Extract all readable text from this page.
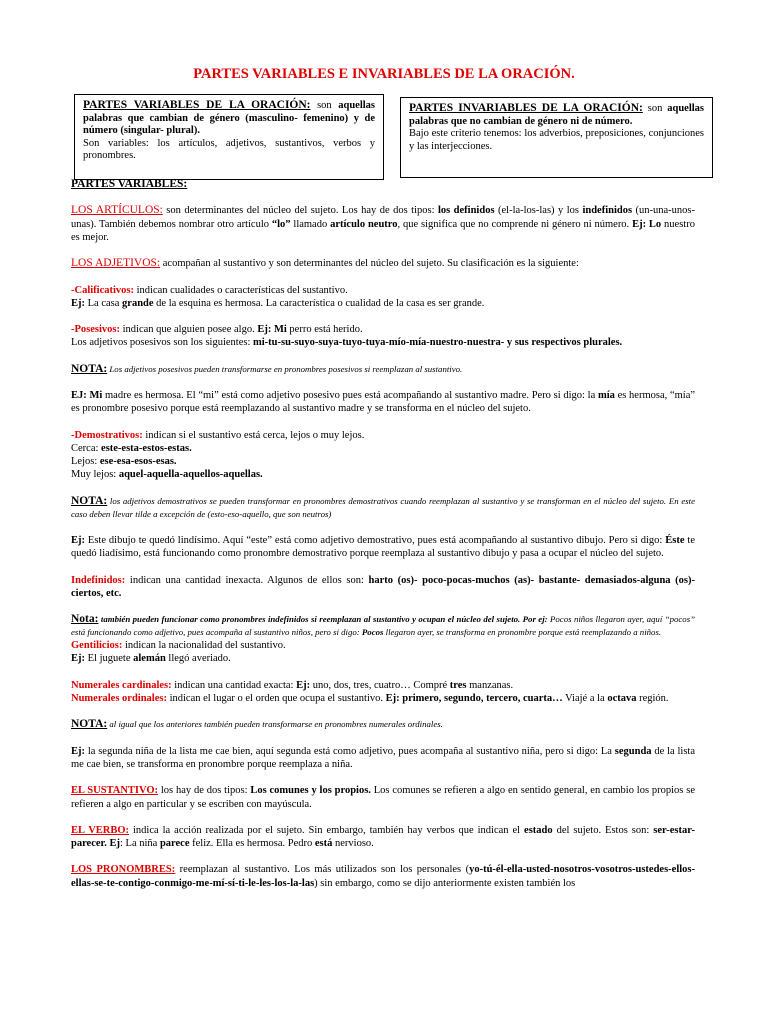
PARTES VARIABLES E INVARIABLES DE LA ORACIÓN.
PARTES VARIABLES DE LA ORACIÓN: son aquellas palabras que cambian de género (masculino- femenino) y de número (singular- plural).
Son variables: los artículos, adjetivos, sustantivos, verbos y pronombres.
PARTES INVARIABLES DE LA ORACIÓN: son aquellas palabras que no cambian de género ni de número.
Bajo este criterio tenemos: los adverbios, preposiciones, conjunciones y las interjecciones.

PARTES VARIABLES:

LOS ARTÍCULOS: son determinantes del núcleo del sujeto. Los hay de dos tipos: los definidos (el-la-los-las) y los indefinidos (un-una-unos-unas). También debemos nombrar otro artículo “lo” llamado artículo neutro, que significa que no comprende ni género ni número. Ej: Lo nuestro es mejor.

LOS ADJETIVOS: acompañan al sustantivo y son determinantes del núcleo del sujeto. Su clasificación es la siguiente:

-Calificativos: indican cualidades o características del sustantivo.
Ej: La casa grande de la esquina es hermosa. La característica o cualidad de la casa es ser grande.

-Posesivos: indican que alguien posee algo. Ej: Mi perro está herido.
Los adjetivos posesivos son los siguientes: mi-tu-su-suyo-suya-tuyo-tuya-mío-mía-nuestro-nuestra- y sus respectivos plurales.

NOTA: Los adjetivos posesivos pueden transformarse en pronombres posesivos si reemplazan al sustantivo.

EJ: Mi madre es hermosa. El “mi” está como adjetivo posesivo pues está acompañando al sustantivo madre. Pero si digo: la mía es hermosa, “mía” es pronombre posesivo porque está reemplazando al sustantivo madre y se transforma en el núcleo del sujeto.

-Demostrativos: indican si el sustantivo está cerca, lejos o muy lejos.
Cerca: este-esta-estos-estas.
Lejos: ese-esa-esos-esas.
Muy lejos: aquel-aquella-aquellos-aquellas.

NOTA: los adjetivos demostrativos se pueden transformar en pronombres demostrativos cuando reemplazan al sustantivo y se transforman en el núcleo del sujeto. En este caso deben llevar tilde a excepción de (esto-eso-aquello, que son neutros)

Ej: Este dibujo te quedó lindísimo. Aquí “este” está como adjetivo demostrativo, pues está acompañando al sustantivo dibujo. Pero si digo: Éste te quedó liadísimo, está funcionando como pronombre demostrativo porque reemplaza al sustantivo dibujo y pasa a ocupar el núcleo del sujeto.

Indefinidos: indican una cantidad inexacta. Algunos de ellos son: harto (os)- poco-pocas-muchos (as)- bastante- demasiados-alguna (os)- ciertos, etc.

Nota: también pueden funcionar como pronombres indefinidos si reemplazan al sustantivo y ocupan el núcleo del sujeto. Por ej: Pocos niños llegaron ayer, aquí “pocos” está funcionando como adjetivo, pues acompaña al sustantivo niños, pero si digo: Pocos llegaron ayer, se transforma en pronombre porque está reemplazando a niños.

Gentilicios: indican la nacionalidad del sustantivo.
Ej: El juguete alemán llegó averiado.

Numerales cardinales: indican una cantidad exacta: Ej: uno, dos, tres, cuatro… Compré tres manzanas.
Numerales ordinales: indican el lugar o el orden que ocupa el sustantivo. Ej: primero, segundo, tercero, cuarta… Viajé a la octava región.

NOTA: al igual que los anteriores también pueden transformarse en pronombres numerales ordinales.

Ej: la segunda niña de la lista me cae bien, aquí segunda está como adjetivo, pues acompaña al sustantivo niña, pero si digo: La segunda de la lista me cae bien, se transforma en pronombre porque reemplaza a niña.

EL SUSTANTIVO: los hay de dos tipos: Los comunes y los propios. Los comunes se refieren a algo en sentido general, en cambio los propios se refieren a algo en particular y se escriben con mayúscula.

EL VERBO: indica la acción realizada por el sujeto. Sin embargo, también hay verbos que indican el estado del sujeto. Estos son: ser-estar-parecer. Ej: La niña parece feliz. Ella es hermosa. Pedro está nervioso.

LOS PRONOMBRES: reemplazan al sustantivo. Los más utilizados son los personales (yo-tú-él-ella-usted-nosotros-vosotros-ustedes-ellos-ellas-se-te-contigo-conmigo-me-mí-sí-ti-le-les-los-la-las) sin embargo, como se dijo anteriormente existen también los
